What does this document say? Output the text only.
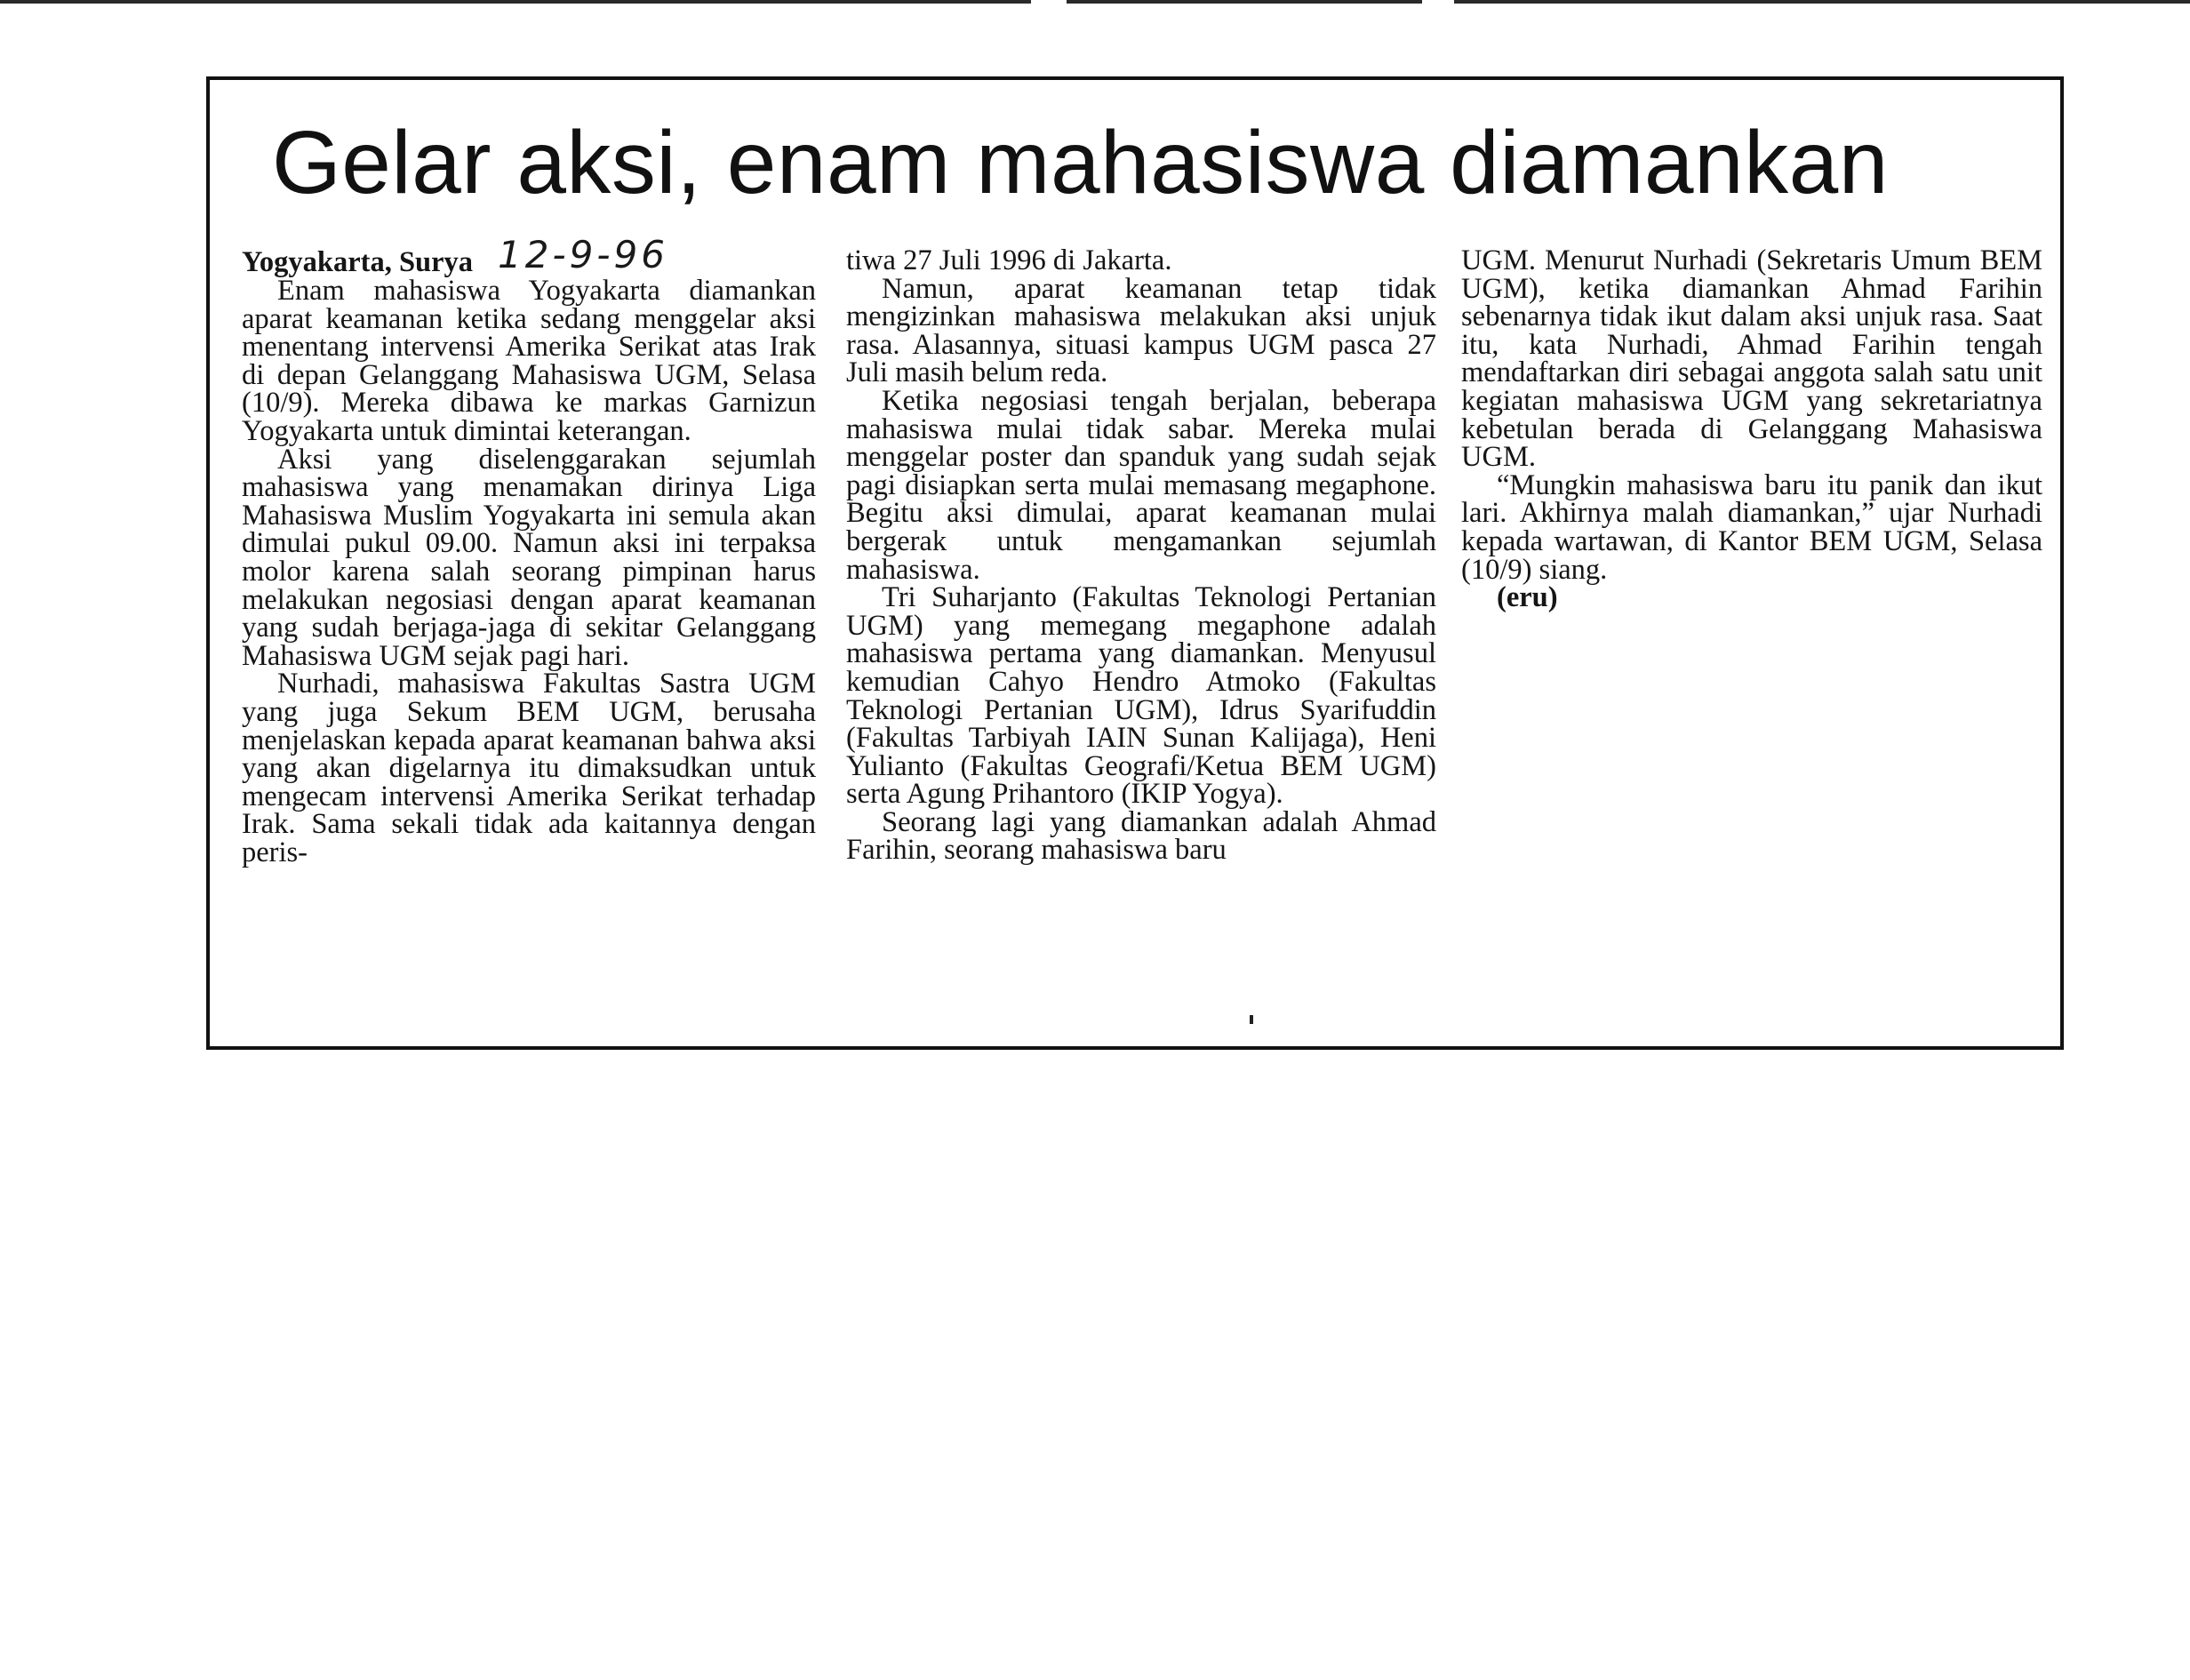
Gelar aksi, enam mahasiswa diamankan
Yogyakarta, Surya 12-9-96

Enam mahasiswa Yogyakarta diamankan aparat keamanan ketika sedang menggelar aksi menentang intervensi Amerika Serikat atas Irak di depan Gelanggang Mahasiswa UGM, Selasa (10/9). Mereka dibawa ke markas Garnizun Yogyakarta untuk dimintai keterangan.

Aksi yang diselenggarakan sejumlah mahasiswa yang menamakan dirinya Liga Mahasiswa Muslim Yogyakarta ini semula akan dimulai pukul 09.00. Namun aksi ini terpaksa molor karena salah seorang pimpinan harus melakukan negosiasi dengan aparat keamanan yang sudah berjaga-jaga di sekitar Gelanggang Mahasiswa UGM sejak pagi hari.

Nurhadi, mahasiswa Fakultas Sastra UGM yang juga Sekum BEM UGM, berusaha menjelaskan kepada aparat keamanan bahwa aksi yang akan digelarnya itu dimaksudkan untuk mengecam intervensi Amerika Serikat terhadap Irak. Sama sekali tidak ada kaitannya dengan peris-

tiwa 27 Juli 1996 di Jakarta.

Namun, aparat keamanan tetap tidak mengizinkan mahasiswa melakukan aksi unjuk rasa. Alasannya, situasi kampus UGM pasca 27 Juli masih belum reda.

Ketika negosiasi tengah berjalan, beberapa mahasiswa mulai tidak sabar. Mereka mulai menggelar poster dan spanduk yang sudah sejak pagi disiapkan serta mulai memasang megaphone. Begitu aksi dimulai, aparat keamanan mulai bergerak untuk mengamankan sejumlah mahasiswa.

Tri Suharjanto (Fakultas Teknologi Pertanian UGM) yang memegang megaphone adalah mahasiswa pertama yang diamankan. Menyusul kemudian Cahyo Hendro Atmoko (Fakultas Teknologi Pertanian UGM), Idrus Syarifuddin (Fakultas Tarbiyah IAIN Sunan Kalijaga), Heni Yulianto (Fakultas Geografi/Ketua BEM UGM) serta Agung Prihantoro (IKIP Yogya).

Seorang lagi yang diamankan adalah Ahmad Farihin, seorang mahasiswa baru

UGM. Menurut Nurhadi (Sekretaris Umum BEM UGM), ketika diamankan Ahmad Farihin sebenarnya tidak ikut dalam aksi unjuk rasa. Saat itu, kata Nurhadi, Ahmad Farihin tengah mendaftarkan diri sebagai anggota salah satu unit kegiatan mahasiswa UGM yang sekretariatnya kebetulan berada di Gelanggang Mahasiswa UGM.

“Mungkin mahasiswa baru itu panik dan ikut lari. Akhirnya malah diamankan,” ujar Nurhadi kepada wartawan, di Kantor BEM UGM, Selasa (10/9) siang.

(eru)
